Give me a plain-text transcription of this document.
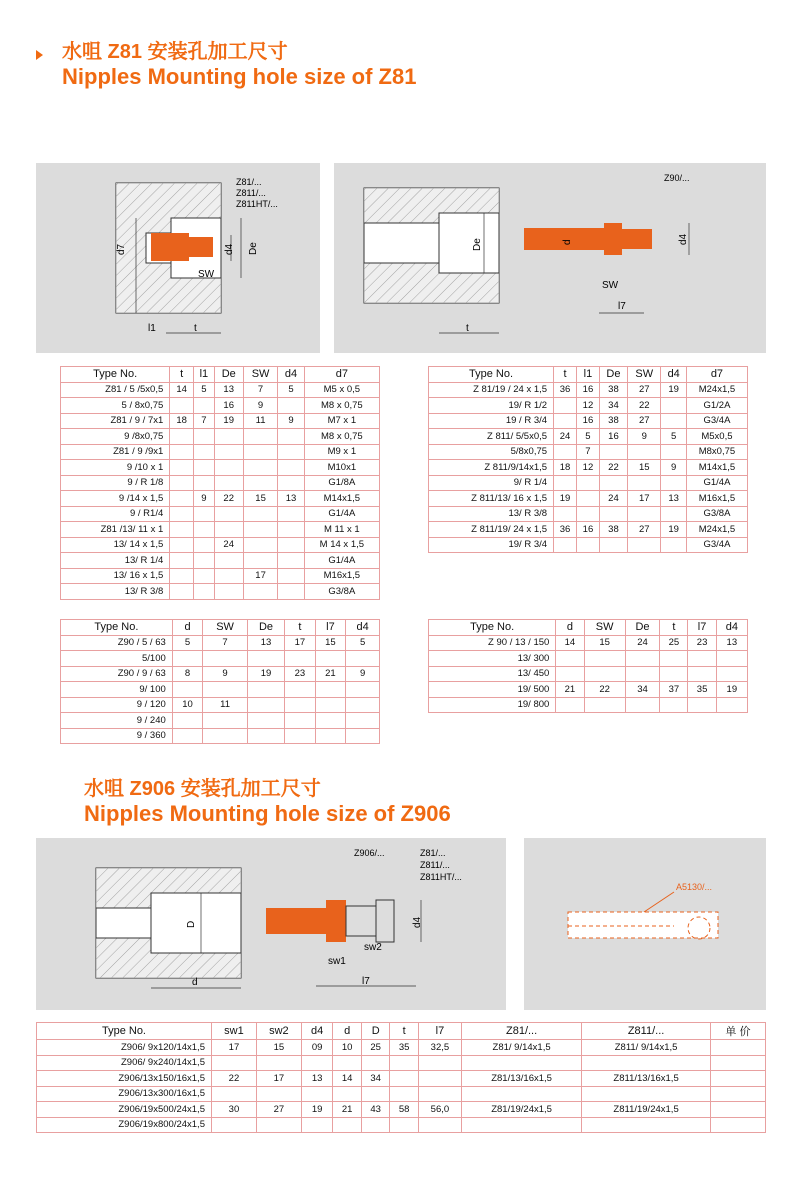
水咀 Z81 安装孔加工尺寸
Nipples Mounting hole size of Z81
Z81/...
Z811/...
Z811HT/...
d7	d4 De
SW
l1	t
Z90/...
De	d	d4
SW
l7
t
Type No.	t	l1	De	SW	d4	d7
Z81 / 5 /5x0,5	14	5	13	7	5	M5 x 0,5
5 / 8x0,75			16	9		M8 x 0,75
Z81 / 9 / 7x1	18	7	19	11	9	M7 x 1
9 /8x0,75						M8 x 0,75
Z81 / 9 /9x1						M9 x 1
9 /10 x 1						M10x1
9 / R 1/8						G1/8A
9 /14 x 1,5		9	22	15	13	M14x1,5
9 / R1/4						G1/4A
Z81 /13/ 11 x 1						M 11 x 1
13/ 14 x 1,5			24			M 14 x 1,5
13/ R 1/4						G1/4A
13/ 16 x 1,5				17		M16x1,5
13/ R 3/8						G3/8A
Type No.	t	l1	De	SW	d4	d7
Z 81/19 / 24 x 1,5	36	16	38	27	19	M24x1,5
19/ R 1/2		12	34	22		G1/2A
19 / R 3/4		16	38	27		G3/4A
Z 811/ 5/5x0,5	24	5	16	9	5	M5x0,5
5/8x0,75		7				M8x0,75
Z 811/9/14x1,5	18	12	22	15	9	M14x1,5
9/ R 1/4						G1/4A
Z 811/13/ 16 x 1,5	19		24	17	13	M16x1,5
13/ R 3/8						G3/8A
Z 811/19/ 24 x 1,5	36	16	38	27	19	M24x1,5
19/ R 3/4						G3/4A
Type No.	d	SW	De	t	l7	d4
Z90 / 5 / 63	5	7	13	17	15	5
5/100						
Z90 / 9 / 63	8	9	19	23	21	9
9/ 100						
9 / 120	10	11				
9 / 240						
9 / 360						
Type No.	d	SW	De	t	l7	d4
Z 90 / 13 / 150	14	15	24	25	23	13
13/ 300						
13/ 450						
19/ 500	21	22	34	37	35	19
19/ 800						
水咀 Z906 安装孔加工尺寸
Nipples Mounting hole size of Z906
D
d
Z906/...	Z81/...
Z811/...
Z811HT/...
d4
sw1
sw2
l7
A5130/...
Type No.	sw1	sw2	d4	d	D	t	l7	Z81/...	Z811/...	单 价
Z906/ 9x120/14x1,5	17	15	09	10	25	35	32,5	Z81/ 9/14x1,5	Z811/ 9/14x1,5	
Z906/ 9x240/14x1,5										
Z906/13x150/16x1,5	22	17	13	14	34			Z81/13/16x1,5	Z811/13/16x1,5	
Z906/13x300/16x1,5										
Z906/19x500/24x1,5	30	27	19	21	43	58	56,0	Z81/19/24x1,5	Z811/19/24x1,5	
Z906/19x800/24x1,5										
